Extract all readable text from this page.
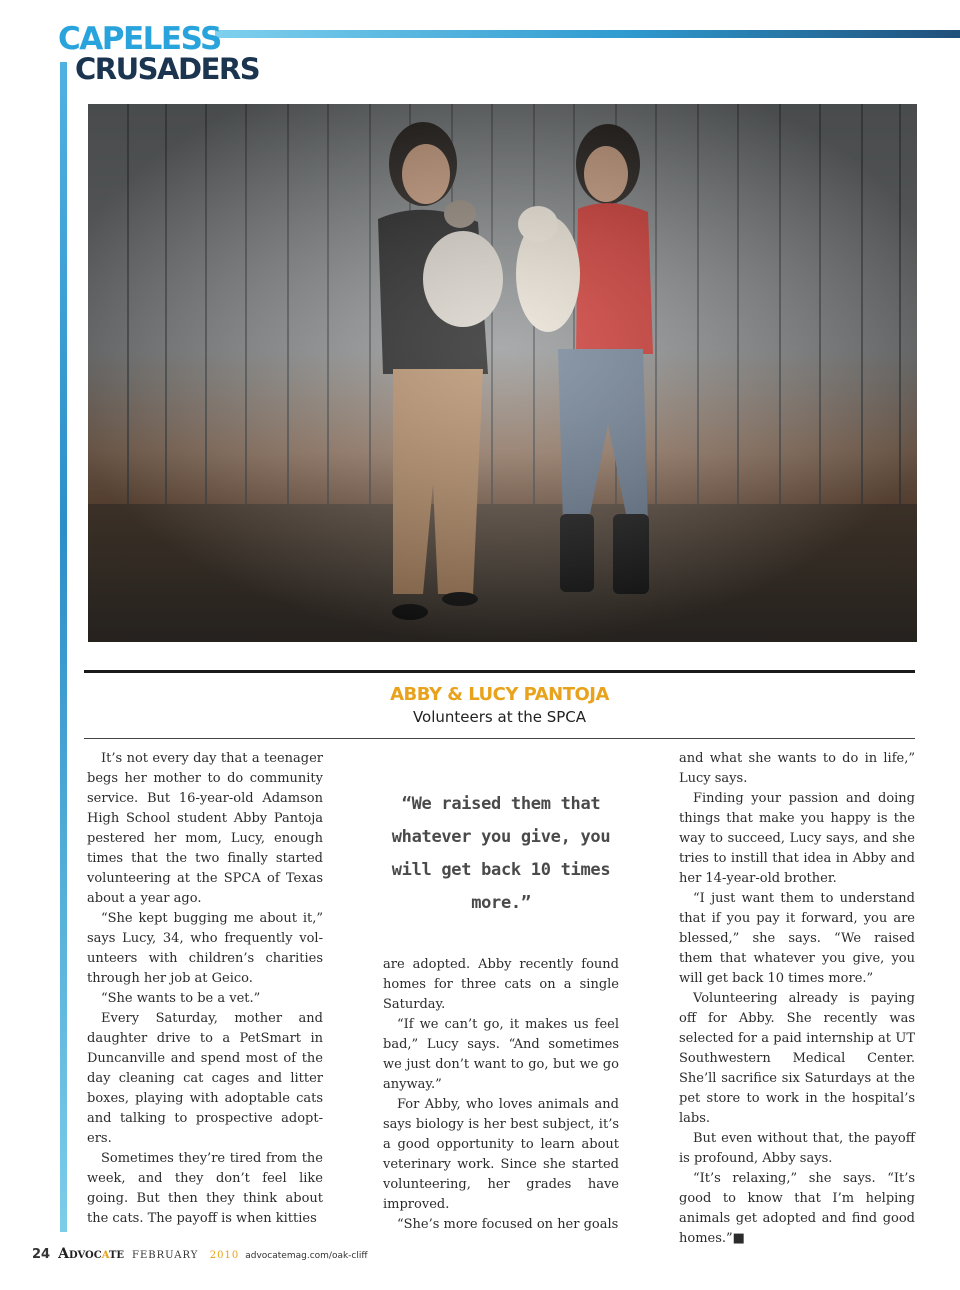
CAPELESS
CRUSADERS
ABBY & LUCY PANTOJA
Volunteers at the SPCA

It’s not every day that a teenager begs her mother to do community service. But 16-year-old Adamson High School student Abby Pantoja pestered her mom, Lucy, enough times that the two finally started volunteering at the SPCA of Texas about a year ago.

“She kept bugging me about it,” says Lucy, 34, who frequently vol-unteers with children’s charities through her job at Geico.

“She wants to be a vet.”

Every Saturday, mother and daughter drive to a PetSmart in Duncanville and spend most of the day cleaning cat cages and litter boxes, playing with adoptable cats and talking to prospective adopt-ers.

Sometimes they’re tired from the week, and they don’t feel like going. But then they think about the cats. The payoff is when kitties

“We raised them that whatever you give, you will get back 10 times more.”

are adopted. Abby recently found homes for three cats on a single Saturday.

“If we can’t go, it makes us feel bad,” Lucy says. “And sometimes we just don’t want to go, but we go anyway.”

For Abby, who loves animals and says biology is her best subject, it’s a good opportunity to learn about veterinary work. Since she started volunteering, her grades have improved.

“She’s more focused on her goals

and what she wants to do in life,” Lucy says.

Finding your passion and doing things that make you happy is the way to succeed, Lucy says, and she tries to instill that idea in Abby and her 14-year-old brother.

“I just want them to understand that if you pay it forward, you are blessed,” she says. “We raised them that whatever you give, you will get back 10 times more.”

Volunteering already is paying off for Abby. She recently was selected for a paid internship at UT Southwestern Medical Center. She’ll sacrifice six Saturdays at the pet store to work in the hospital’s labs.

But even without that, the payoff is profound, Abby says.

“It’s relaxing,” she says. “It’s good to know that I’m helping animals get adopted and find good homes.”■

24 Advocate FEBRUARY 2010 advocatemag.com/oak-cliff
